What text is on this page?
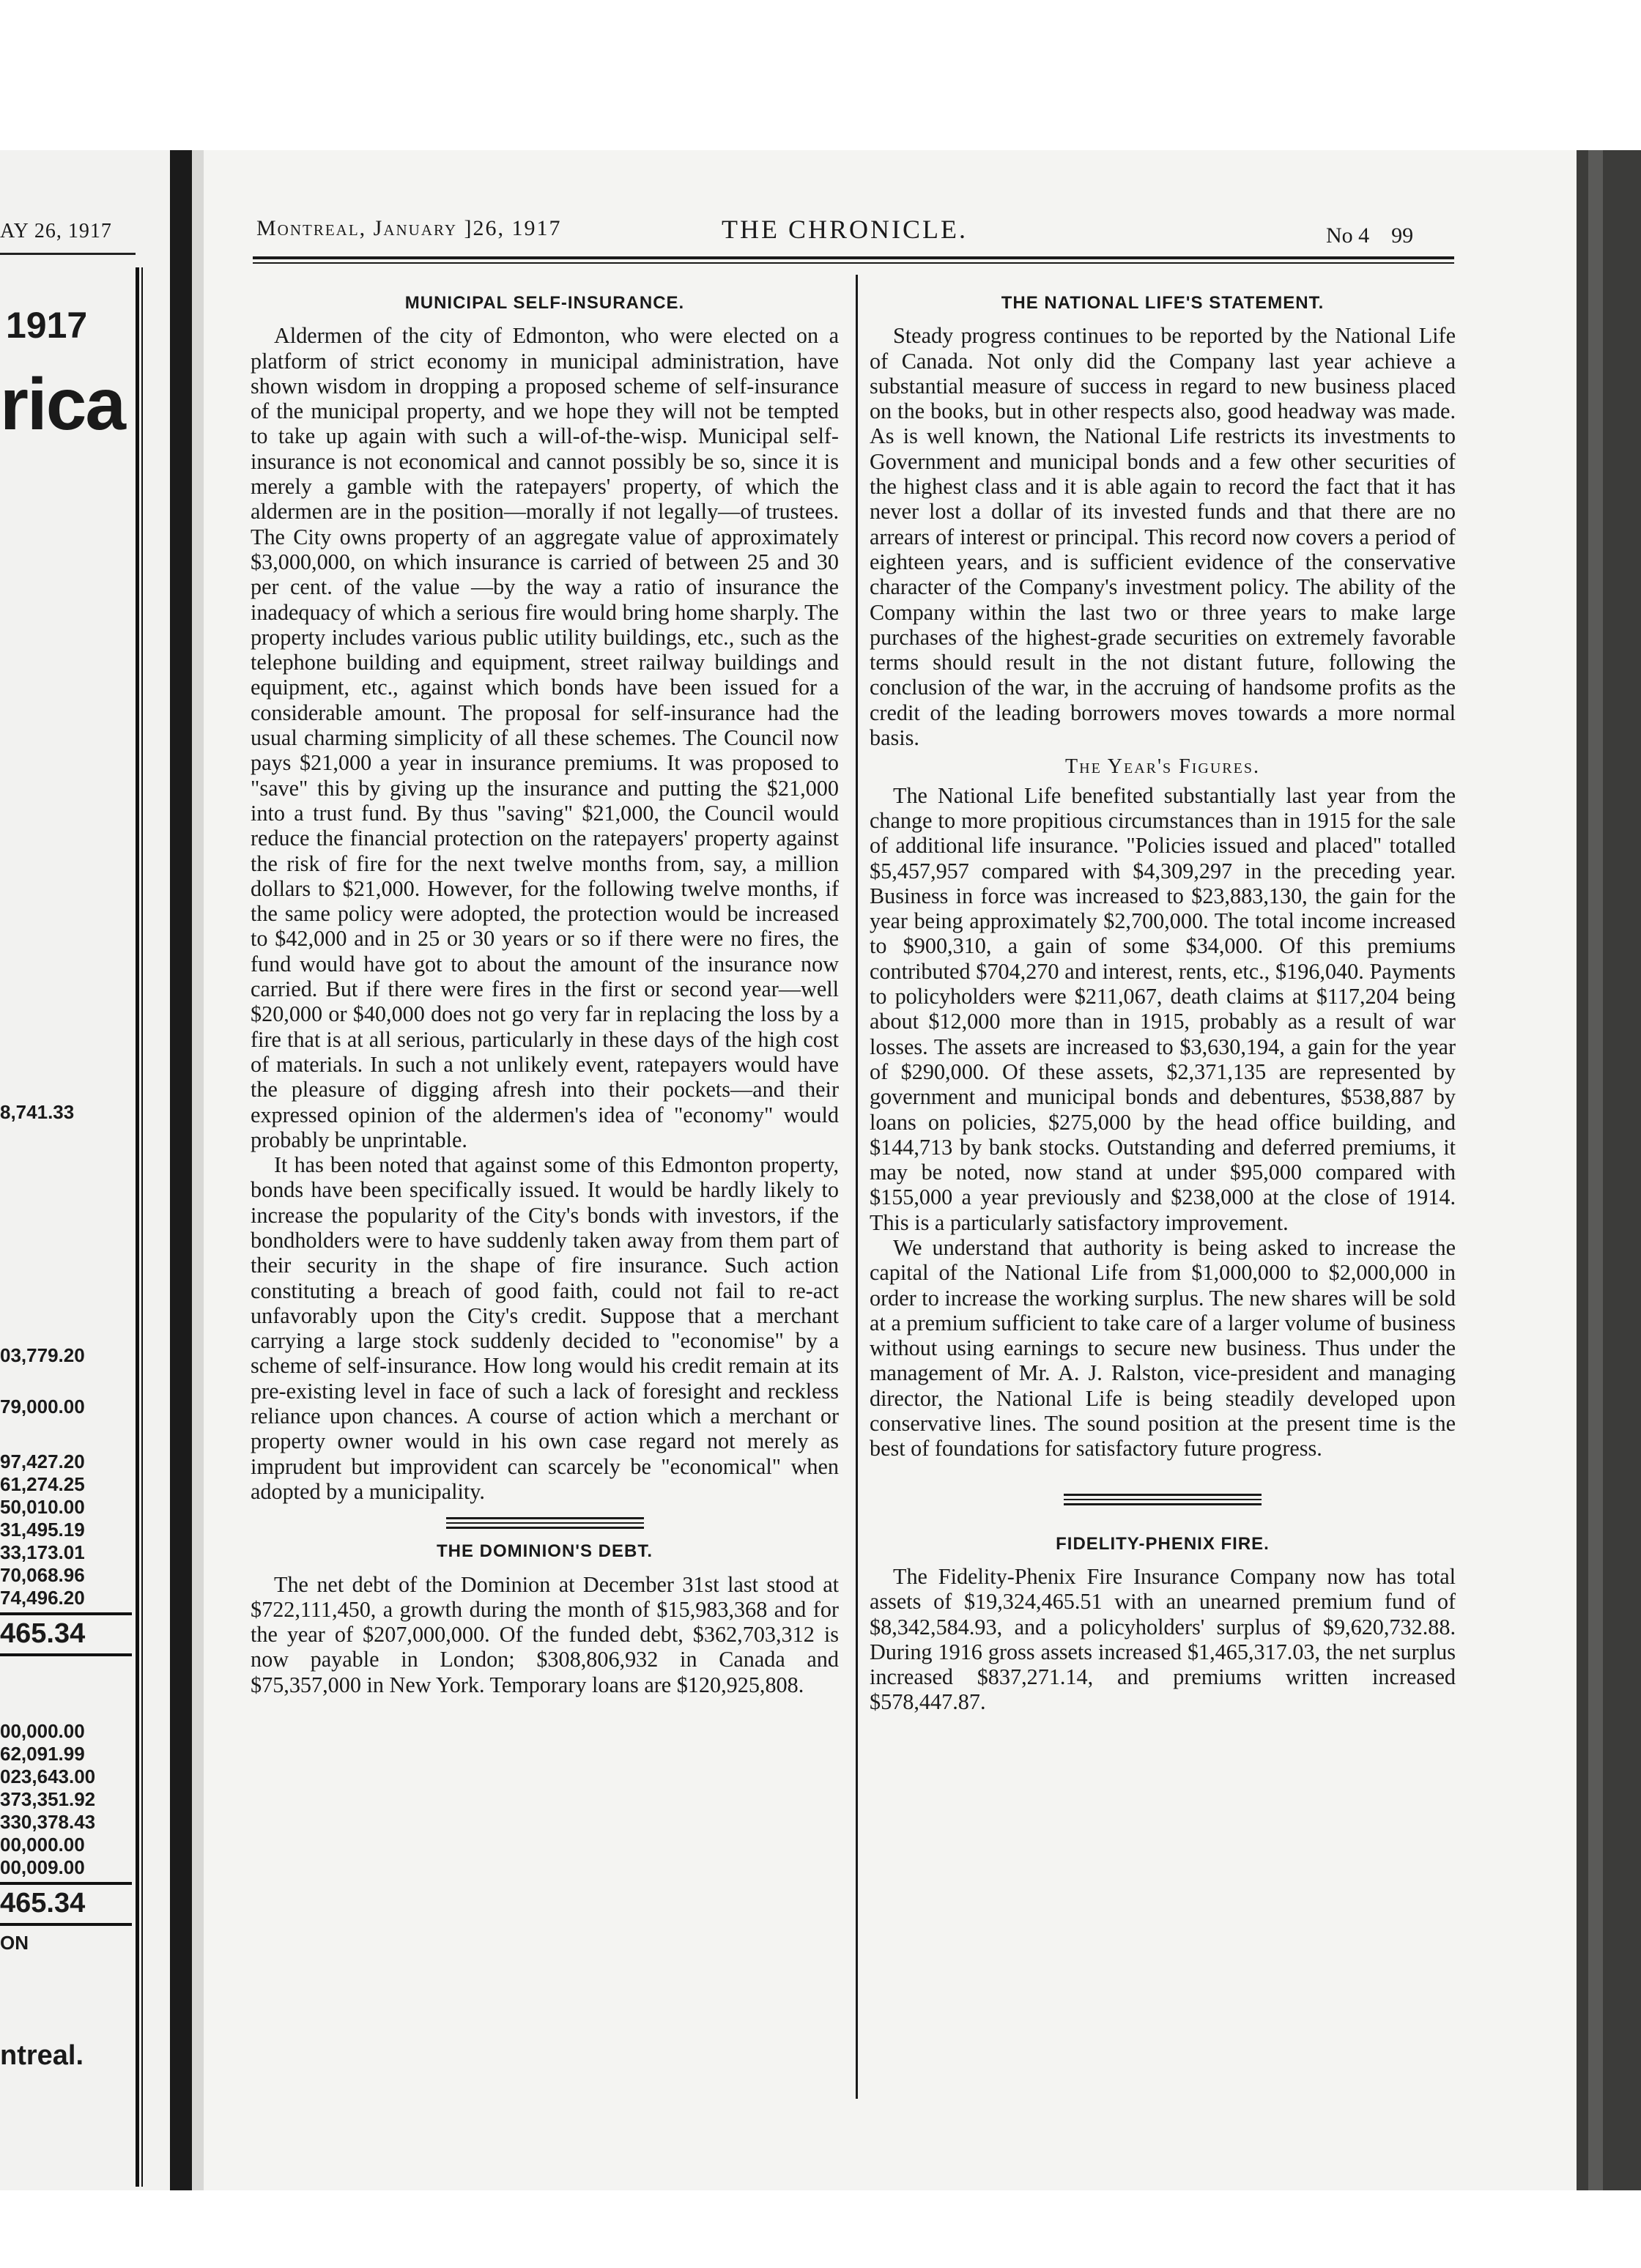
AY 26, 1917
1917
rica
8,741.33
03,779.20
79,000.00
97,427.20
61,274.25
50,010.00
31,495.19
33,173.01
70,068.96
74,496.20
465.34
00,000.00
62,091.99
023,643.00
373,351.92
330,378.43
00,000.00
00,009.00
465.34
ON
ntreal.
Montreal, January ]26, 1917	THE CHRONICLE.	No 4 99
MUNICIPAL SELF-INSURANCE.

Aldermen of the city of Edmonton, who were elected on a platform of strict economy in municipal administration, have shown wisdom in dropping a proposed scheme of self-insurance of the municipal property, and we hope they will not be tempted to take up again with such a will-of-the-wisp. Municipal self-insurance is not economical and cannot possibly be so, since it is merely a gamble with the ratepayers' property, of which the aldermen are in the position—morally if not legally—of trustees. The City owns property of an aggregate value of approximately $3,000,000, on which insurance is carried of between 25 and 30 per cent. of the value —by the way a ratio of insurance the inadequacy of which a serious fire would bring home sharply. The property includes various public utility buildings, etc., such as the telephone building and equipment, street railway buildings and equipment, etc., against which bonds have been issued for a considerable amount. The proposal for self-insurance had the usual charming simplicity of all these schemes. The Council now pays $21,000 a year in insurance premiums. It was proposed to "save" this by giving up the insurance and putting the $21,000 into a trust fund. By thus "saving" $21,000, the Council would reduce the financial protection on the ratepayers' property against the risk of fire for the next twelve months from, say, a million dollars to $21,000. However, for the following twelve months, if the same policy were adopted, the protection would be increased to $42,000 and in 25 or 30 years or so if there were no fires, the fund would have got to about the amount of the insurance now carried. But if there were fires in the first or second year—well $20,000 or $40,000 does not go very far in replacing the loss by a fire that is at all serious, particularly in these days of the high cost of materials. In such a not unlikely event, ratepayers would have the pleasure of digging afresh into their pockets—and their expressed opinion of the aldermen's idea of "economy" would probably be unprintable.

It has been noted that against some of this Edmonton property, bonds have been specifically issued. It would be hardly likely to increase the popularity of the City's bonds with investors, if the bondholders were to have suddenly taken away from them part of their security in the shape of fire insurance. Such action constituting a breach of good faith, could not fail to re-act unfavorably upon the City's credit. Suppose that a merchant carrying a large stock suddenly decided to "economise" by a scheme of self-insurance. How long would his credit remain at its pre-existing level in face of such a lack of foresight and reckless reliance upon chances. A course of action which a merchant or property owner would in his own case regard not merely as imprudent but improvident can scarcely be "economical" when adopted by a municipality.

THE DOMINION'S DEBT.

The net debt of the Dominion at December 31st last stood at $722,111,450, a growth during the month of $15,983,368 and for the year of $207,000,000. Of the funded debt, $362,703,312 is now payable in London; $308,806,932 in Canada and $75,357,000 in New York. Temporary loans are $120,925,808.

THE NATIONAL LIFE'S STATEMENT.

Steady progress continues to be reported by the National Life of Canada. Not only did the Company last year achieve a substantial measure of success in regard to new business placed on the books, but in other respects also, good headway was made. As is well known, the National Life restricts its investments to Government and municipal bonds and a few other securities of the highest class and it is able again to record the fact that it has never lost a dollar of its invested funds and that there are no arrears of interest or principal. This record now covers a period of eighteen years, and is sufficient evidence of the conservative character of the Company's investment policy. The ability of the Company within the last two or three years to make large purchases of the highest-grade securities on extremely favorable terms should result in the not distant future, following the conclusion of the war, in the accruing of handsome profits as the credit of the leading borrowers moves towards a more normal basis.

The Year's Figures.

The National Life benefited substantially last year from the change to more propitious circumstances than in 1915 for the sale of additional life insurance. "Policies issued and placed" totalled $5,457,957 compared with $4,309,297 in the preceding year. Business in force was increased to $23,883,130, the gain for the year being approximately $2,700,000. The total income increased to $900,310, a gain of some $34,000. Of this premiums contributed $704,270 and interest, rents, etc., $196,040. Payments to policyholders were $211,067, death claims at $117,204 being about $12,000 more than in 1915, probably as a result of war losses. The assets are increased to $3,630,194, a gain for the year of $290,000. Of these assets, $2,371,135 are represented by government and municipal bonds and debentures, $538,887 by loans on policies, $275,000 by the head office building, and $144,713 by bank stocks. Outstanding and deferred premiums, it may be noted, now stand at under $95,000 compared with $155,000 a year previously and $238,000 at the close of 1914. This is a particularly satisfactory improvement.

We understand that authority is being asked to increase the capital of the National Life from $1,000,000 to $2,000,000 in order to increase the working surplus. The new shares will be sold at a premium sufficient to take care of a larger volume of business without using earnings to secure new business. Thus under the management of Mr. A. J. Ralston, vice-president and managing director, the National Life is being steadily developed upon conservative lines. The sound position at the present time is the best of foundations for satisfactory future progress.

FIDELITY-PHENIX FIRE.

The Fidelity-Phenix Fire Insurance Company now has total assets of $19,324,465.51 with an unearned premium fund of $8,342,584.93, and a policyholders' surplus of $9,620,732.88. During 1916 gross assets increased $1,465,317.03, the net surplus increased $837,271.14, and premiums written increased $578,447.87.
